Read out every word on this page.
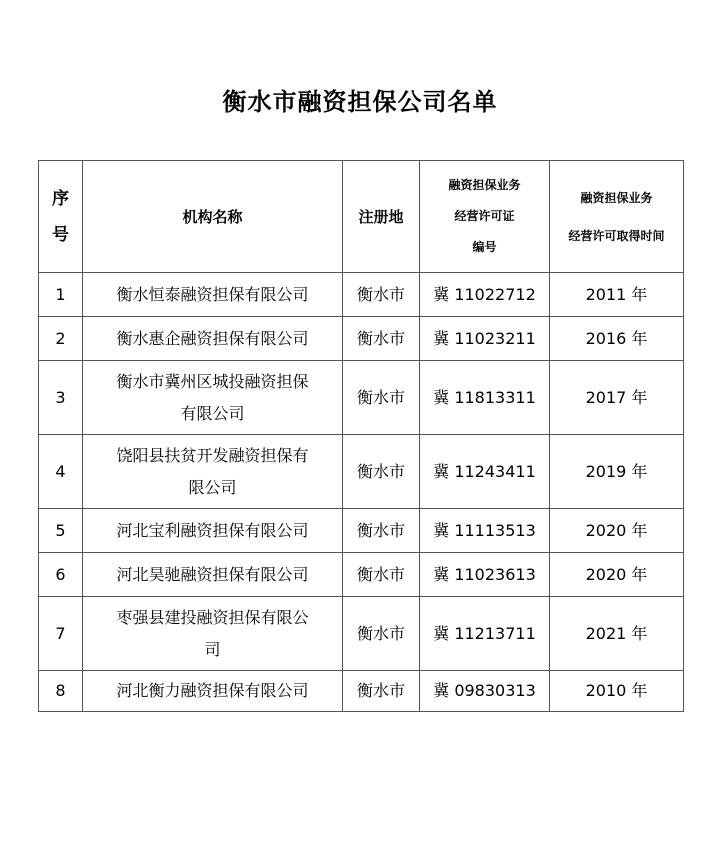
衡水市融资担保公司名单
序
号	机构名称	注册地	融资担保业务
经营许可证
编号	融资担保业务
经营许可取得时间

1	衡水恒泰融资担保有限公司	衡水市	冀 11022712	2011 年
2	衡水惠企融资担保有限公司	衡水市	冀 11023211	2016 年
3	衡水市冀州区城投融资担保
有限公司	衡水市	冀 11813311	2017 年
4	饶阳县扶贫开发融资担保有
限公司	衡水市	冀 11243411	2019 年
5	河北宝利融资担保有限公司	衡水市	冀 11113513	2020 年
6	河北昊驰融资担保有限公司	衡水市	冀 11023613	2020 年
7	枣强县建投融资担保有限公
司	衡水市	冀 11213711	2021 年
8	河北衡力融资担保有限公司	衡水市	冀 09830313	2010 年
